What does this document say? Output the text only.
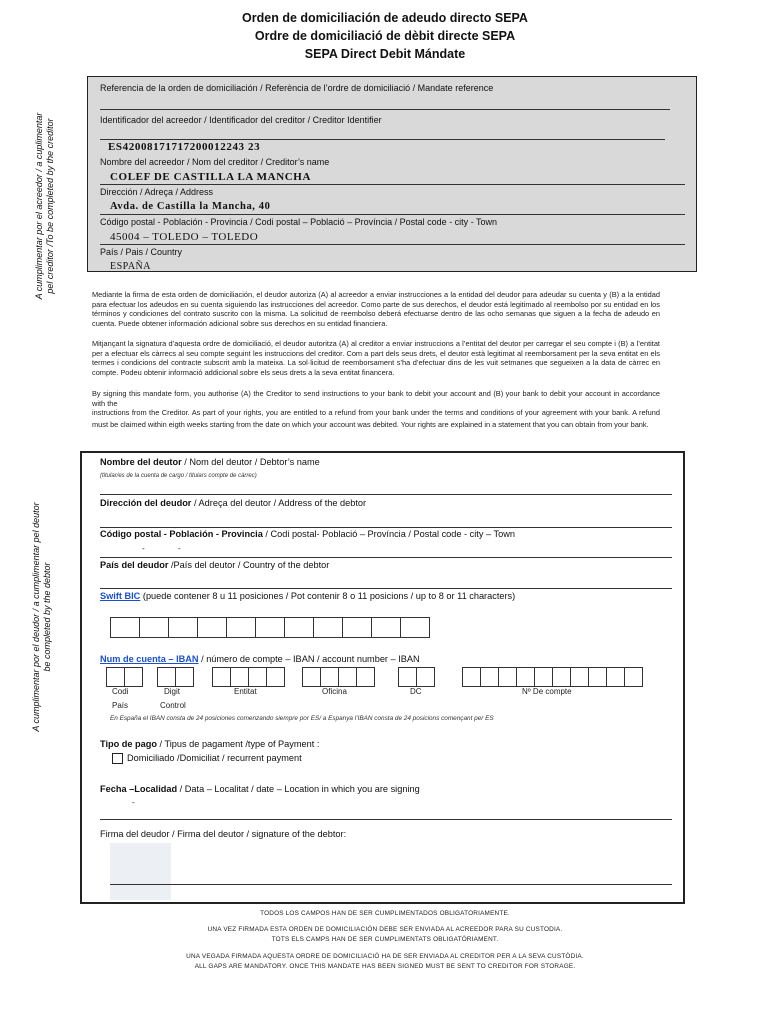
Orden de domiciliación de adeudo directo SEPA
Ordre de domiciliació de dèbit directe SEPA
SEPA Direct Debit Mándate
A cumplimentar por el acreedor / a cuplimentar pel creditor /To be completed by the creditor
Referencia de la orden de domiciliación / Referència de l’ordre de domiciliació / Mandate reference
Identificador del acreedor / Identificador del creditor / Creditor Identifier
ES42008171717200012243 23
Nombre del acreedor / Nom del creditor / Creditor’s name
COLEF DE CASTILLA LA MANCHA
Dirección / Adreça / Address
Avda. de Castilla la Mancha, 40
Código postal - Población - Provincia / Codi postal – Població – Província / Postal code - city - Town
45004 – TOLEDO – TOLEDO
País / Pais / Country
ESPAÑA
Mediante la firma de esta orden de domiciliación, el deudor autoriza (A) al acreedor a enviar instrucciones a la entidad del deudor para adeudar su cuenta y (B) a la entidad para efectuar los adeudos en su cuenta siguiendo las instrucciones del acreedor. Como parte de sus derechos, el deudor está legitimado al reembolso por su entidad en los términos y condiciones del contrato suscrito con la misma. La solicitud de reembolso deberá efectuarse dentro de las ocho semanas que siguen a la fecha de adeudo en cuenta. Puede obtener información adicional sobre sus derechos en su entidad financiera.
Mitjançant la signatura d’aquesta ordre de domiciliació, el deudor autoritza (A) al creditor a enviar instruccions a l’entitat del deutor per carregar el seu compte i (B) a l’entitat per a efectuar els càrrecs al seu compte seguint les instruccions del creditor. Com a part dels seus drets, el deutor està legitimat al reemborsament per la seva entitat en els termes i condicions del contracte subscrit amb la mateixa. La sol·licitud de reemborsament s’ha d’efectuar dins de les vuit setmanes que segueixen a la data de càrrec en compte. Podeu obtenir informació addicional sobre els seus drets a la seva entitat financera.
By signing this mandate form, you authorise (A) the Creditor to send instructions to your bank to debit your account and (B) your bank to debit your account in accordance with the
instructions from the Creditor. As part of your rights, you are entitled to a refund from your bank under the terms and conditions of your agreement with your bank. A refund must be claimed within eigth weeks starting from the date on which your account was debited. Your rights are explained in a statement that you can obtain from your bank.
A cumplimentar por el deudor / a cumplimentar pel deutor be completed by the debtor
Nombre del deutor / Nom del deutor / Debtor’s name
(titular/es de la cuenta de cargo / titulars compte de càrrec)
Dirección del deudor / Adreça del deutor / Address of the debtor
Código postal - Población - Provincia / Codi postal- Població – Província / Postal code - city – Town
-	-
País del deudor /País del deutor / Country of the debtor
Swift BIC (puede contener 8 u 11 posiciones / Pot contenir 8 o 11 posicions / up to 8 or 11 characters)
Num de cuenta – IBAN / número de compte – IBAN / account number – IBAN
Codi
País
Digit
Control
Entitat	Oficina	DC	Nº De compte
En España el IBAN consta de 24 posiciones comenzando siempre por ES/ a Espanya l’IBAN consta de 24 posicions començant per ES
Tipo de pago / Tipus de pagament /type of Payment :
Domiciliado /Domiciliat / recurrent payment
Fecha –Localidad / Data – Localitat / date – Location in which you are signing
-
Firma del deudor / Firma del deutor / signature of the debtor:
TODOS LOS CAMPOS HAN DE SER CUMPLIMENTADOS OBLIGATORIAMENTE.
UNA VEZ FIRMADA ESTA ORDEN DE DOMICILIACIÓN DEBE SER ENVIADA AL ACREEDOR PARA SU CUSTODIA.
TOTS ELS CAMPS HAN DE SER CUMPLIMENTATS OBLIGATÒRIAMENT.
UNA VEGADA FIRMADA AQUESTA ORDRE DE DOMICILIACIÓ HA DE SER ENVIADA AL CREDITOR PER A LA SEVA CUSTÒDIA.
ALL GAPS ARE MANDATORY. ONCE THIS MANDATE HAS BEEN SIGNED MUST BE SENT TO CREDITOR FOR STORAGE.
